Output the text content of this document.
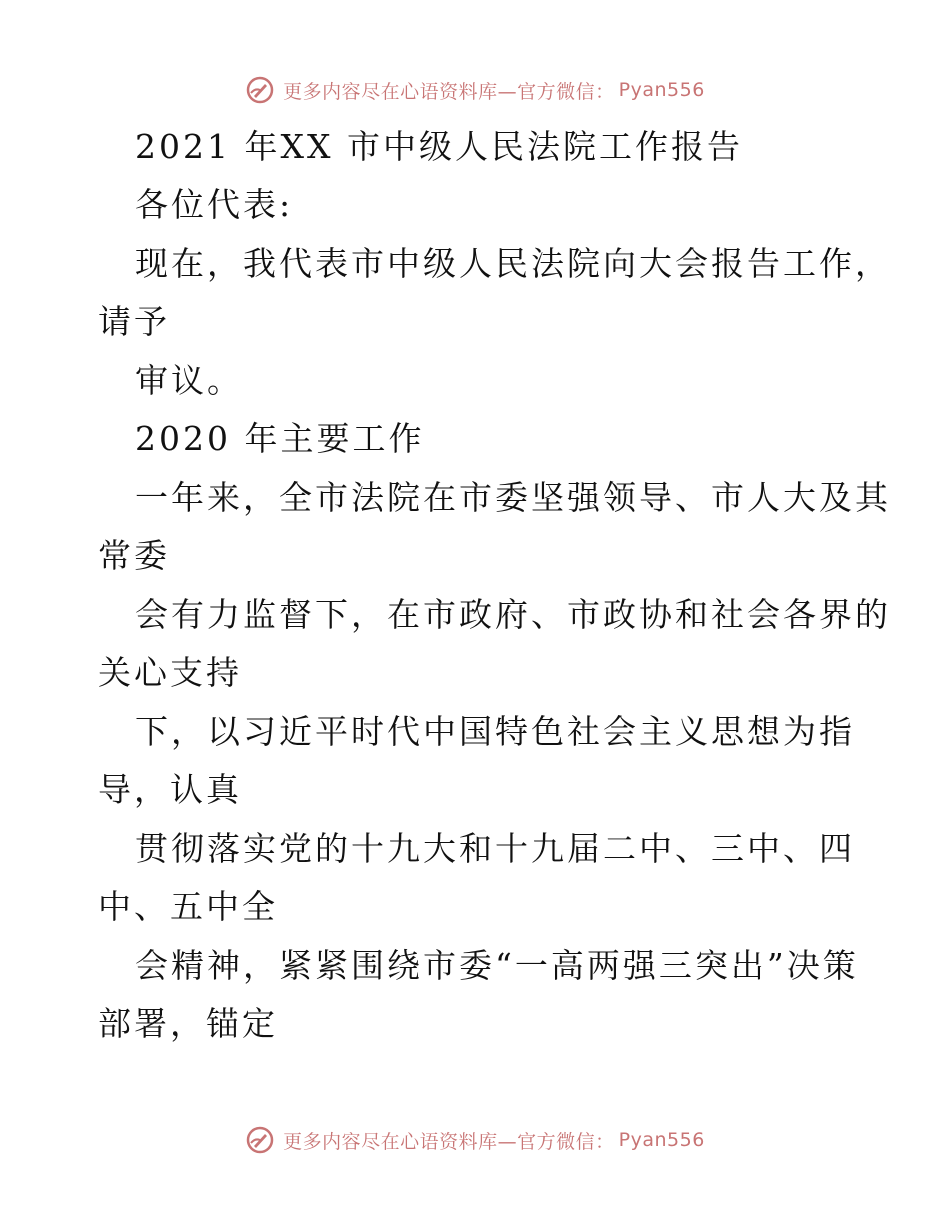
更多内容尽在心语资料库—官方微信： Pyan556
2021 年XX 市中级人民法院工作报告
各位代表:
现在，我代表市中级人民法院向大会报告工作，
请予
审议。
2020 年主要工作
一年来，全市法院在市委坚强领导、市人大及其
常委
会有力监督下，在市政府、市政协和社会各界的
关心支持
下，以习近平时代中国特色社会主义思想为指
导，认真
贯彻落实党的十九大和十九届二中、三中、四
中、五中全
会精神，紧紧围绕市委“一高两强三突出”决策
部署，锚定
更多内容尽在心语资料库—官方微信： Pyan556
